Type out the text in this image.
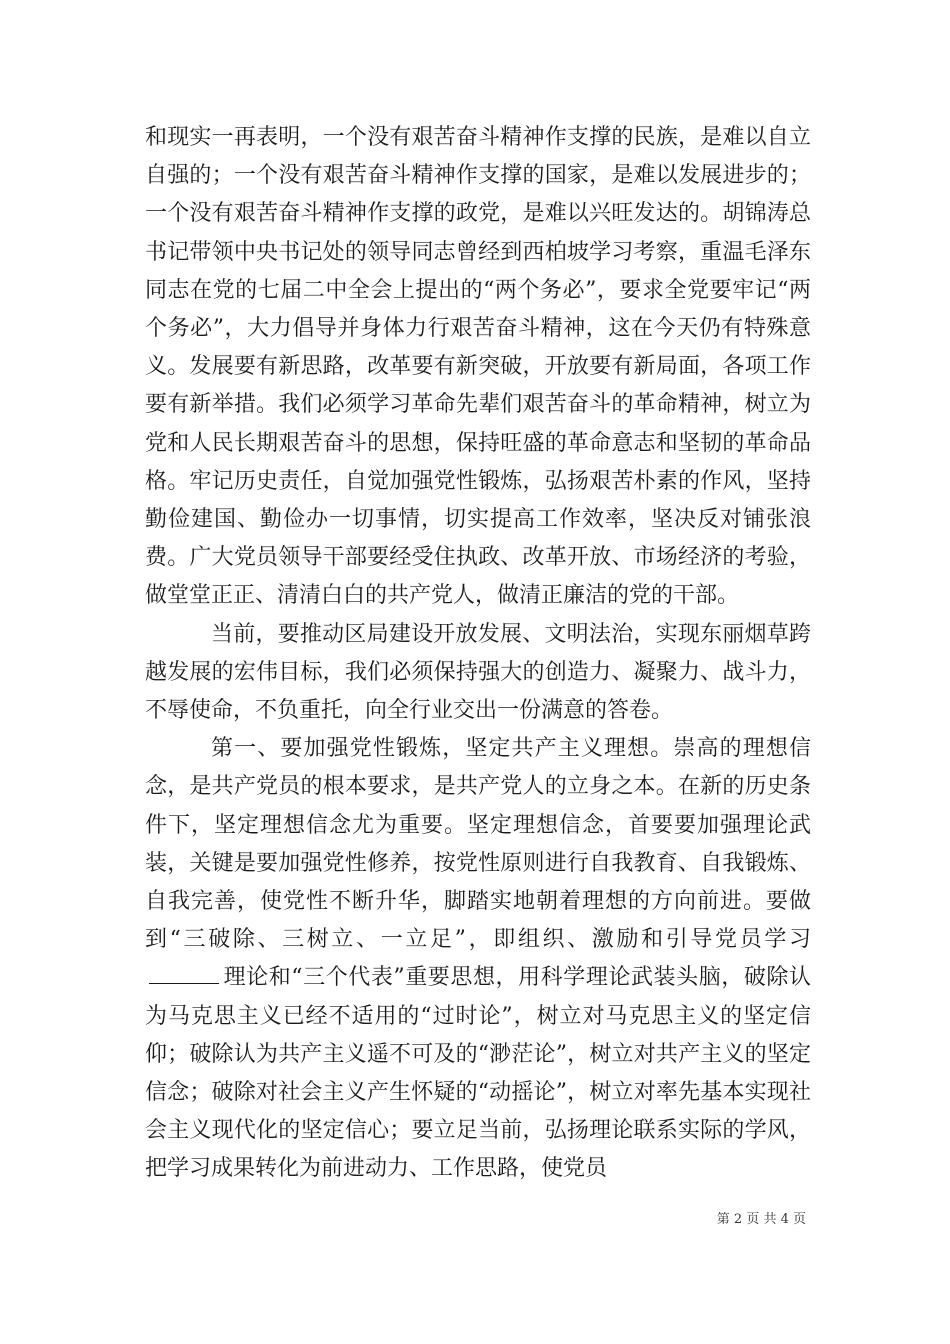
和现实一再表明，一个没有艰苦奋斗精神作支撑的民族，是难以自立自强的；一个没有艰苦奋斗精神作支撑的国家，是难以发展进步的；一个没有艰苦奋斗精神作支撑的政党，是难以兴旺发达的。胡锦涛总书记带领中央书记处的领导同志曾经到西柏坡学习考察，重温毛泽东同志在党的七届二中全会上提出的“两个务必”，要求全党要牢记“两个务必”，大力倡导并身体力行艰苦奋斗精神，这在今天仍有特殊意义。发展要有新思路，改革要有新突破，开放要有新局面，各项工作要有新举措。我们必须学习革命先辈们艰苦奋斗的革命精神，树立为党和人民长期艰苦奋斗的思想，保持旺盛的革命意志和坚韧的革命品格。牢记历史责任，自觉加强党性锻炼，弘扬艰苦朴素的作风，坚持勤俭建国、勤俭办一切事情，切实提高工作效率，坚决反对铺张浪费。广大党员领导干部要经受住执政、改革开放、市场经济的考验，做堂堂正正、清清白白的共产党人，做清正廉洁的党的干部。

当前，要推动区局建设开放发展、文明法治，实现东丽烟草跨越发展的宏伟目标，我们必须保持强大的创造力、凝聚力、战斗力，不辱使命，不负重托，向全行业交出一份满意的答卷。

第一、要加强党性锻炼，坚定共产主义理想。崇高的理想信念，是共产党员的根本要求，是共产党人的立身之本。在新的历史条件下，坚定理想信念尤为重要。坚定理想信念，首要要加强理论武装，关键是要加强党性修养，按党性原则进行自我教育、自我锻炼、自我完善，使党性不断升华，脚踏实地朝着理想的方向前进。要做到“三破除、三树立、一立足”，即组织、激励和引导党员学习理论和“三个代表”重要思想，用科学理论武装头脑，破除认为马克思主义已经不适用的“过时论”，树立对马克思主义的坚定信仰；破除认为共产主义遥不可及的“渺茫论”，树立对共产主义的坚定信念；破除对社会主义产生怀疑的“动摇论”，树立对率先基本实现社会主义现代化的坚定信心；要立足当前，弘扬理论联系实际的学风，把学习成果转化为前进动力、工作思路，使党员

第 2 页 共 4 页
